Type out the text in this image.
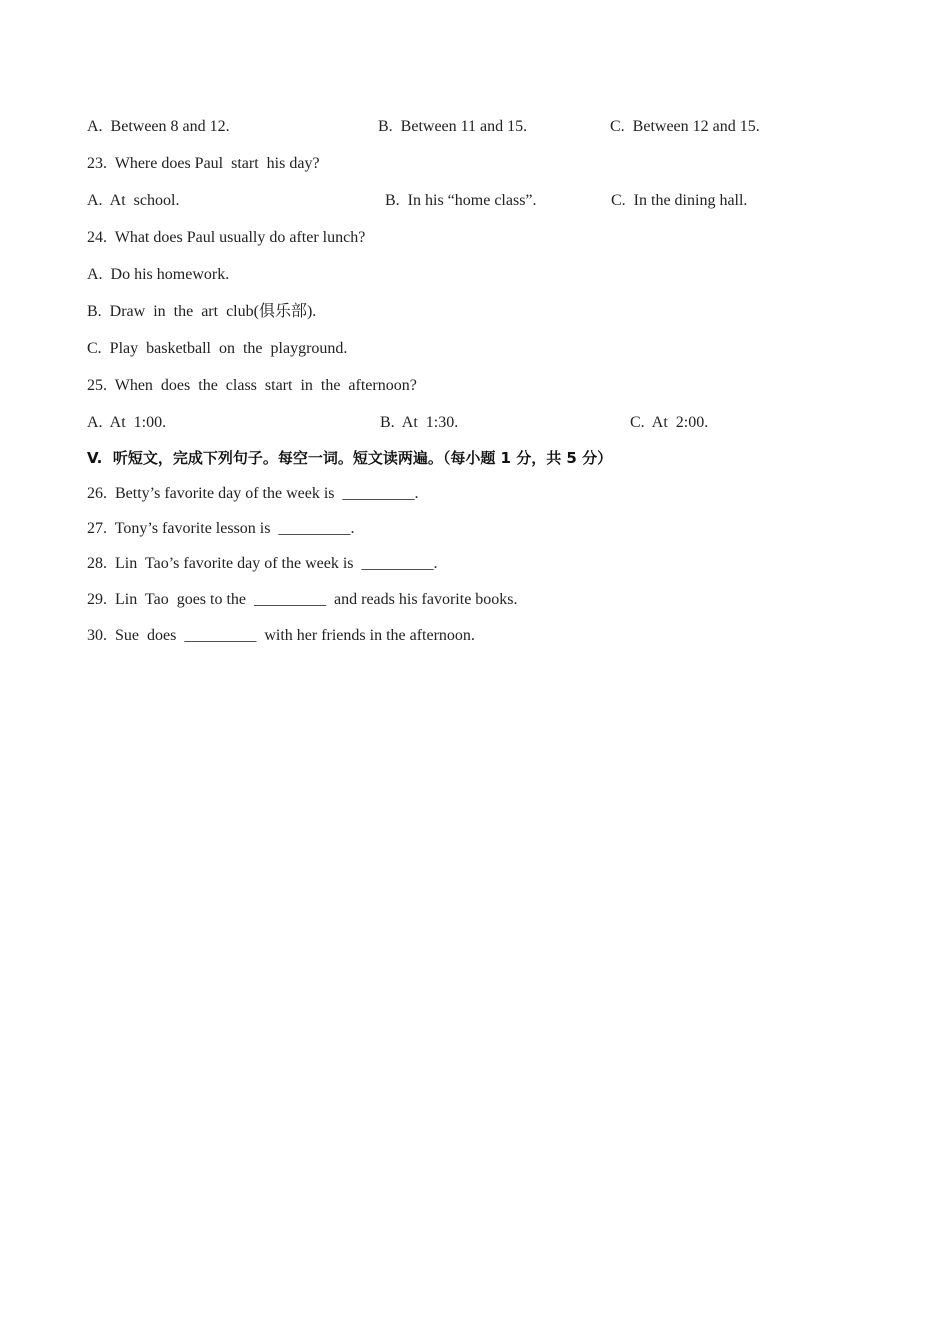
A.  Between 8 and 12.	B.  Between 11 and 15.	C.  Between 12 and 15.
23.  Where does Paul  start  his day?
A.  At  school.	B.  In his “home class”.	C.  In the dining hall.
24.  What does Paul usually do after lunch?
A.  Do his homework.
B.  Draw  in  the  art  club(俱乐部).
C.  Play  basketball  on  the  playground.
25.  When  does  the  class  start  in  the  afternoon?
A.  At  1:00.	B.  At  1:30.	C.  At  2:00.
V.  听短文，完成下列句子。每空一词。短文读两遍。（每小题 1 分，共 5 分）
26.  Betty’s favorite day of the week is  _________.
27.  Tony’s favorite lesson is  _________.
28.  Lin  Tao’s favorite day of the week is  _________.
29.  Lin  Tao  goes to the  _________  and reads his favorite books.
30.  Sue  does  _________  with her friends in the afternoon.
